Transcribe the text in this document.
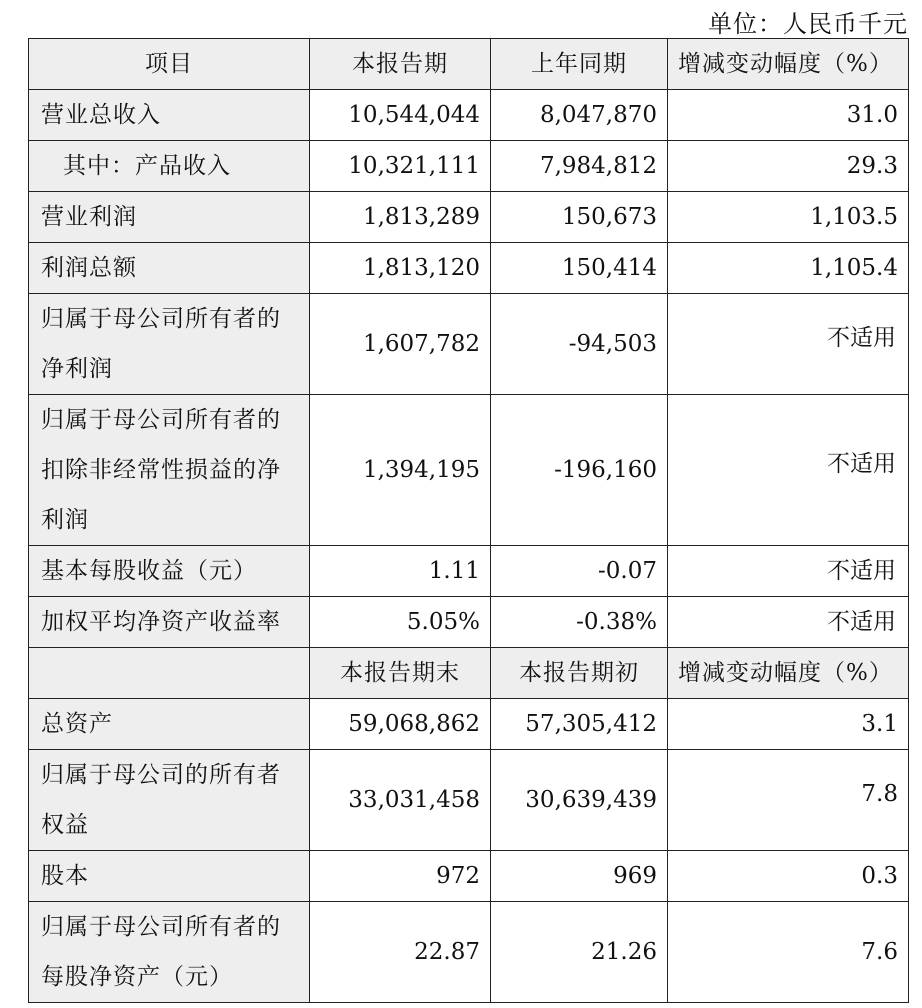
单位：人民币千元
项目	本报告期	上年同期	增减变动幅度（%）
营业总收入	10,544,044	8,047,870	31.0
其中：产品收入	10,321,111	7,984,812	29.3
营业利润	1,813,289	150,673	1,103.5
利润总额	1,813,120	150,414	1,105.4

归属于母公司所有者的
净利润	1,607,782	-94,503	不适用

归属于母公司所有者的
扣除非经常性损益的净
利润	1,394,195	-196,160	不适用
基本每股收益（元）	1.11	-0.07	不适用
加权平均净资产收益率	5.05%	-0.38%	不适用
	本报告期末	本报告期初	增减变动幅度（%）
总资产	59,068,862	57,305,412	3.1

归属于母公司的所有者
权益	33,031,458	30,639,439	7.8
股本	972	969	0.3

归属于母公司所有者的
每股净资产（元）	22.87	21.26	7.6
